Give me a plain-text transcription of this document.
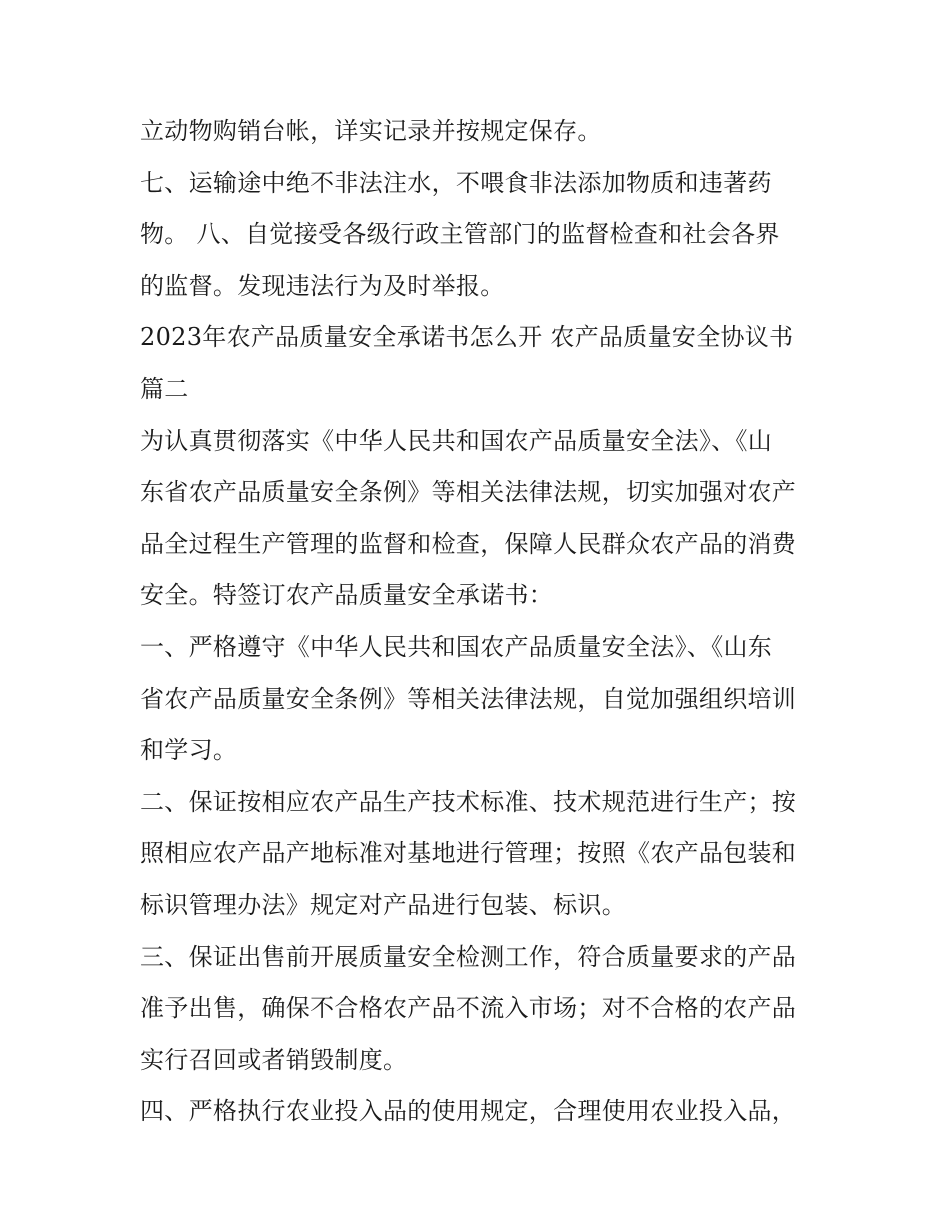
立动物购销台帐，详实记录并按规定保存。
七、运输途中绝不非法注水，不喂食非法添加物质和违著药
物。 八、自觉接受各级行政主管部门的监督检查和社会各界
的监督。发现违法行为及时举报。
2023年农产品质量安全承诺书怎么开 农产品质量安全协议书
篇二
为认真贯彻落实《中华人民共和国农产品质量安全法》、《山
东省农产品质量安全条例》等相关法律法规，切实加强对农产
品全过程生产管理的监督和检查，保障人民群众农产品的消费
安全。特签订农产品质量安全承诺书：
一、严格遵守《中华人民共和国农产品质量安全法》、《山东
省农产品质量安全条例》等相关法律法规，自觉加强组织培训
和学习。
二、保证按相应农产品生产技术标准、技术规范进行生产；按
照相应农产品产地标准对基地进行管理；按照《农产品包装和
标识管理办法》规定对产品进行包装、标识。
三、保证出售前开展质量安全检测工作，符合质量要求的产品
准予出售，确保不合格农产品不流入市场；对不合格的农产品
实行召回或者销毁制度。
四、严格执行农业投入品的使用规定，合理使用农业投入品，
